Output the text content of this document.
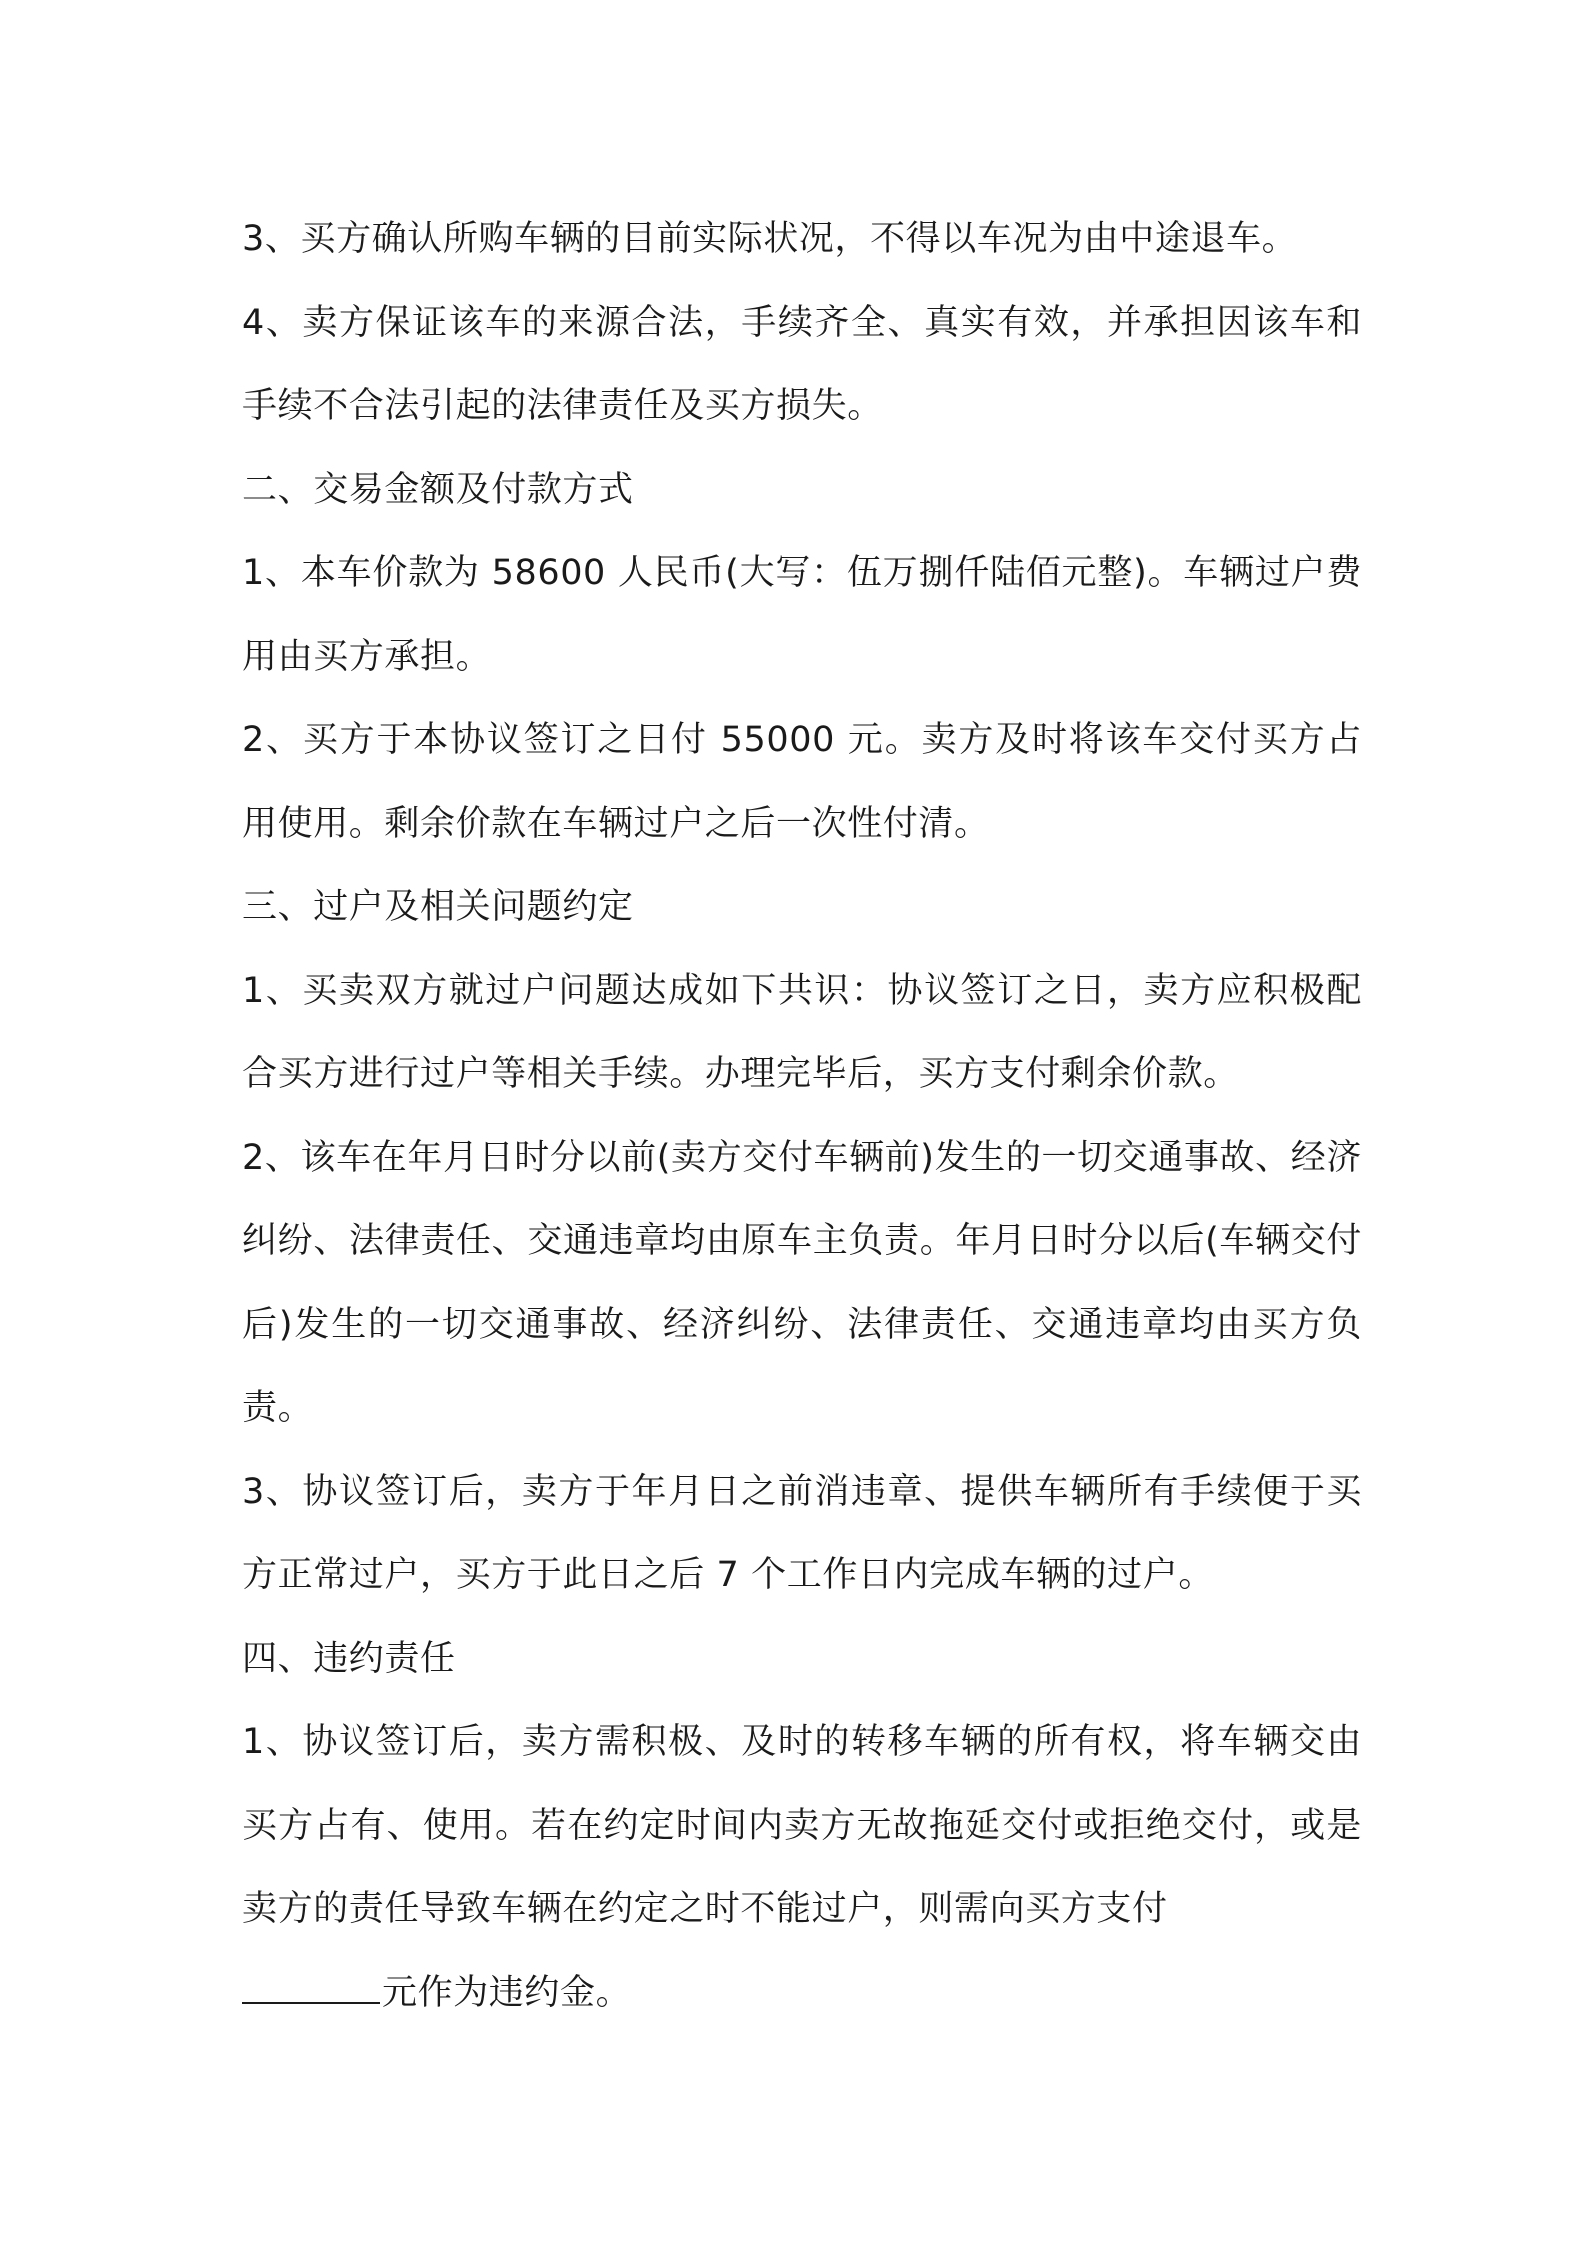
3、买方确认所购车辆的目前实际状况，不得以车况为由中途退车。

4、卖方保证该车的来源合法，手续齐全、真实有效，并承担因该车和手续不合法引起的法律责任及买方损失。

二、交易金额及付款方式

1、本车价款为 58600 人民币(大写：伍万捌仟陆佰元整)。车辆过户费用由买方承担。

2、买方于本协议签订之日付 55000 元。卖方及时将该车交付买方占用使用。剩余价款在车辆过户之后一次性付清。

三、过户及相关问题约定

1、买卖双方就过户问题达成如下共识：协议签订之日，卖方应积极配合买方进行过户等相关手续。办理完毕后，买方支付剩余价款。

2、该车在年月日时分以前(卖方交付车辆前)发生的一切交通事故、经济纠纷、法律责任、交通违章均由原车主负责。年月日时分以后(车辆交付后)发生的一切交通事故、经济纠纷、法律责任、交通违章均由买方负责。

3、协议签订后，卖方于年月日之前消违章、提供车辆所有手续便于买方正常过户，买方于此日之后 7 个工作日内完成车辆的过户。

四、违约责任

1、协议签订后，卖方需积极、及时的转移车辆的所有权，将车辆交由买方占有、使用。若在约定时间内卖方无故拖延交付或拒绝交付，或是卖方的责任导致车辆在约定之时不能过户，则需向买方支付

元作为违约金。
